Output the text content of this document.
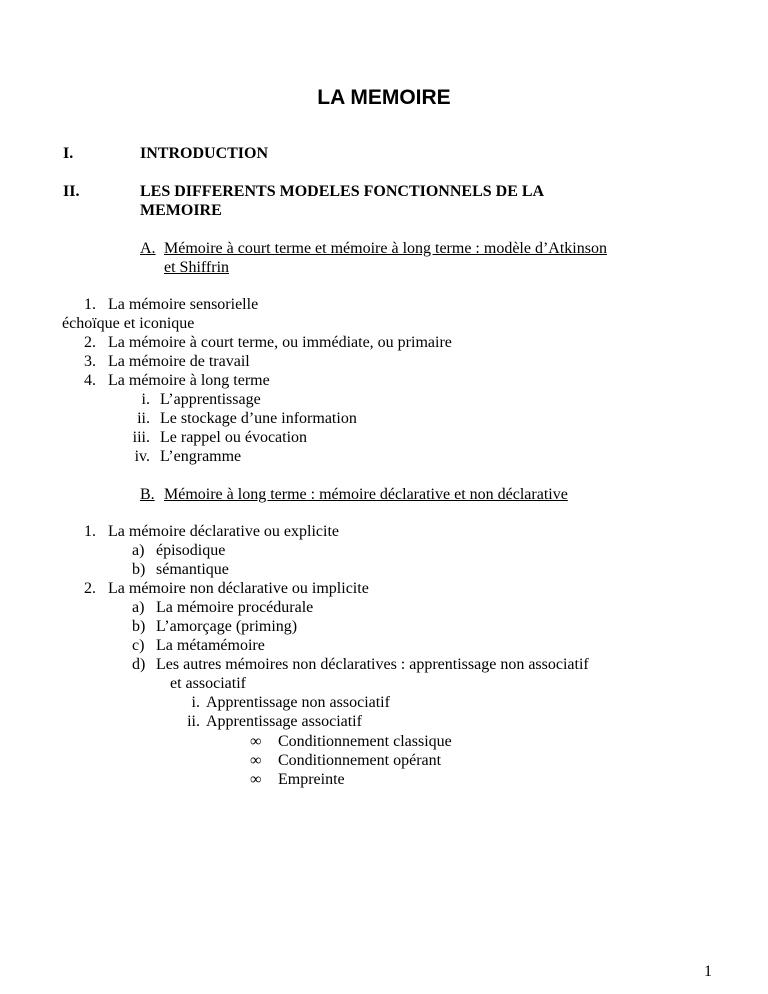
LA MEMOIRE
I.	INTRODUCTION
II.	LES DIFFERENTS MODELES FONCTIONNELS DE LA
MEMOIRE
A. Mémoire à court terme et mémoire à long terme : modèle d’Atkinson
et Shiffrin
1. La mémoire sensorielle
échoïque et iconique
2. La mémoire à court terme, ou immédiate, ou primaire
3. La mémoire de travail
4. La mémoire à long terme
i. L’apprentissage
ii. Le stockage d’une information
iii. Le rappel ou évocation
iv. L’engramme
B. Mémoire à long terme : mémoire déclarative et non déclarative
1. La mémoire déclarative ou explicite
a) épisodique
b) sémantique
2. La mémoire non déclarative ou implicite
a) La mémoire procédurale
b) L’amorçage (priming)
c) La métamémoire
d) Les autres mémoires non déclaratives : apprentissage non associatif
et associatif
i. Apprentissage non associatif
ii. Apprentissage associatif
∞ Conditionnement classique
∞ Conditionnement opérant
∞ Empreinte
1
